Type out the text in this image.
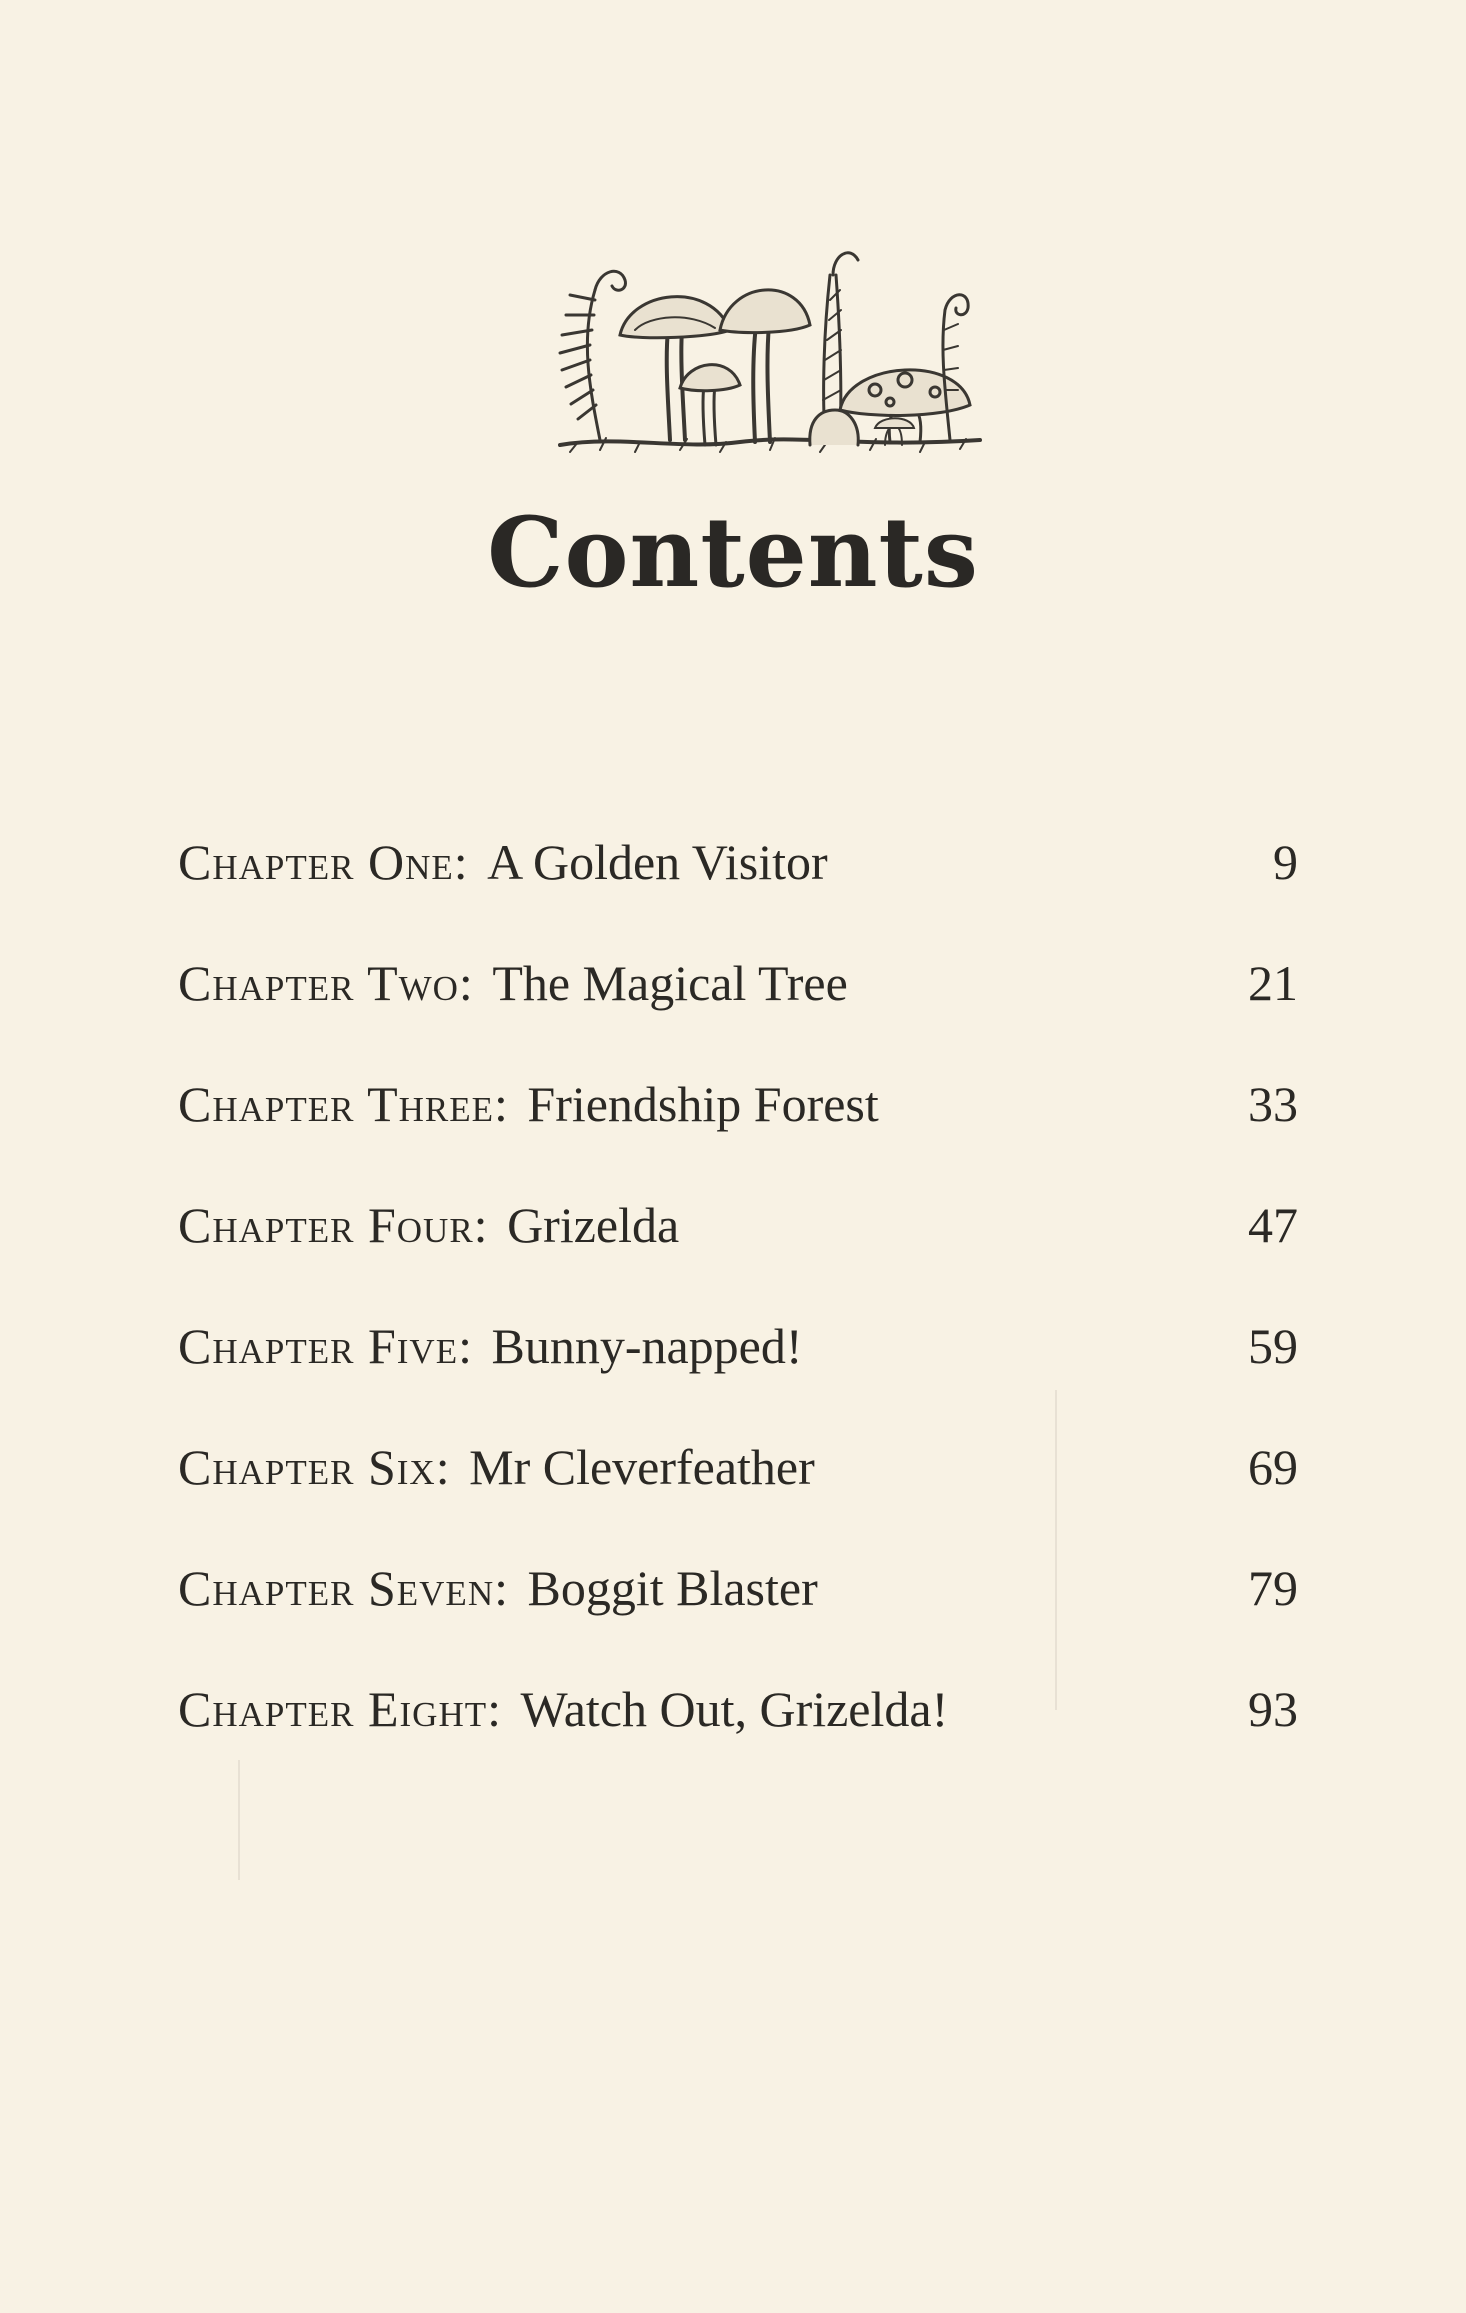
Contents
Chapter One: A Golden Visitor	9
Chapter Two: The Magical Tree	21
Chapter Three: Friendship Forest	33
Chapter Four: Grizelda	47
Chapter Five: Bunny-napped!	59
Chapter Six: Mr Cleverfeather	69
Chapter Seven: Boggit Blaster	79
Chapter Eight: Watch Out, Grizelda!	93
